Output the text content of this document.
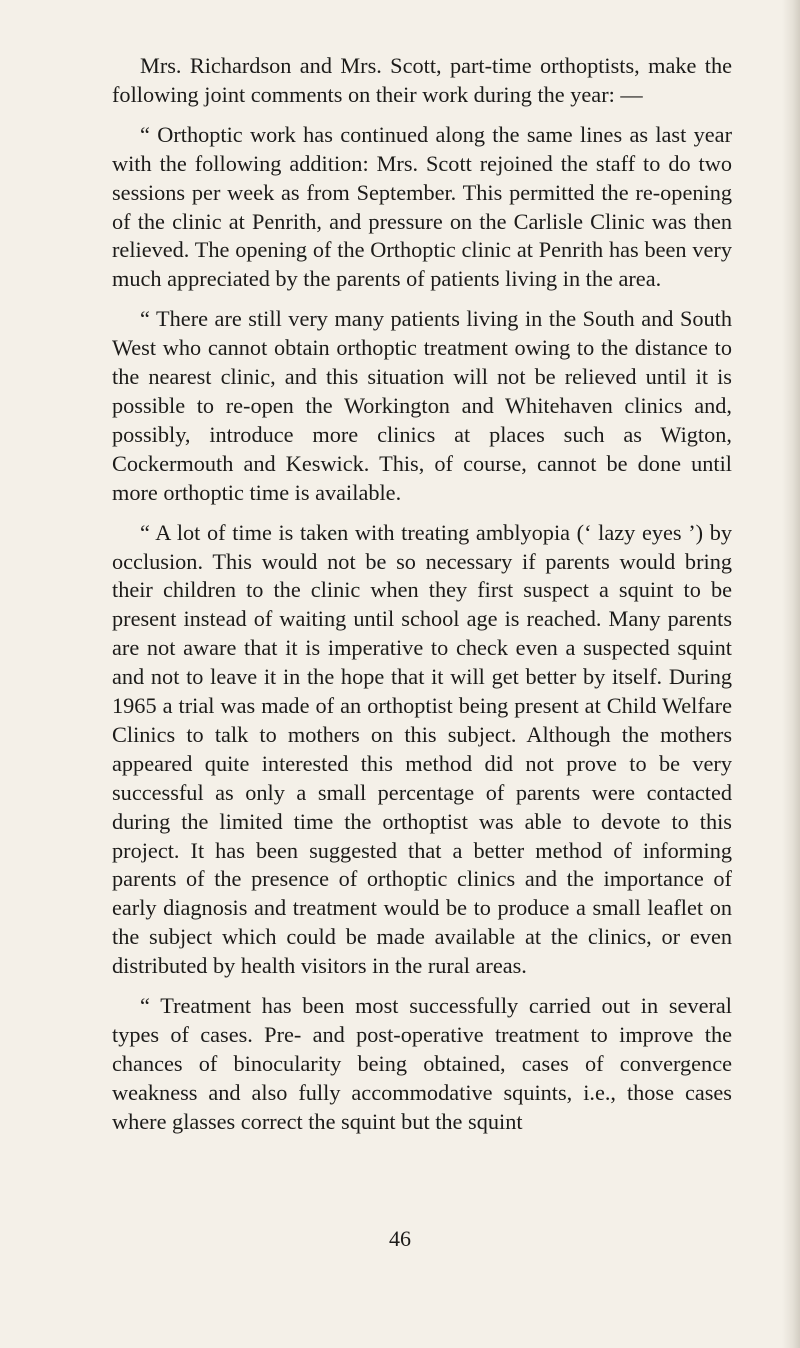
Mrs. Richardson and Mrs. Scott, part-time orthoptists, make the following joint comments on their work during the year: —

“ Orthoptic work has continued along the same lines as last year with the following addition: Mrs. Scott rejoined the staff to do two sessions per week as from September. This permitted the re-opening of the clinic at Penrith, and pressure on the Carlisle Clinic was then relieved. The opening of the Orthoptic clinic at Penrith has been very much appreciated by the parents of patients living in the area.

“ There are still very many patients living in the South and South West who cannot obtain orthoptic treatment owing to the distance to the nearest clinic, and this situation will not be relieved until it is possible to re-open the Workington and Whitehaven clinics and, possibly, introduce more clinics at places such as Wigton, Cockermouth and Keswick. This, of course, cannot be done until more orthoptic time is available.

“ A lot of time is taken with treating amblyopia (‘ lazy eyes ’) by occlusion. This would not be so necessary if parents would bring their children to the clinic when they first suspect a squint to be present instead of waiting until school age is reached. Many parents are not aware that it is imperative to check even a suspected squint and not to leave it in the hope that it will get better by itself. During 1965 a trial was made of an orthoptist being present at Child Welfare Clinics to talk to mothers on this subject. Although the mothers appeared quite interested this method did not prove to be very successful as only a small percentage of parents were contacted during the limited time the orthoptist was able to devote to this project. It has been suggested that a better method of informing parents of the presence of orthoptic clinics and the importance of early diagnosis and treatment would be to produce a small leaflet on the subject which could be made available at the clinics, or even distributed by health visitors in the rural areas.

“ Treatment has been most successfully carried out in several types of cases. Pre- and post-operative treatment to improve the chances of binocularity being obtained, cases of convergence weakness and also fully accommodative squints, i.e., those cases where glasses correct the squint but the squint

46
